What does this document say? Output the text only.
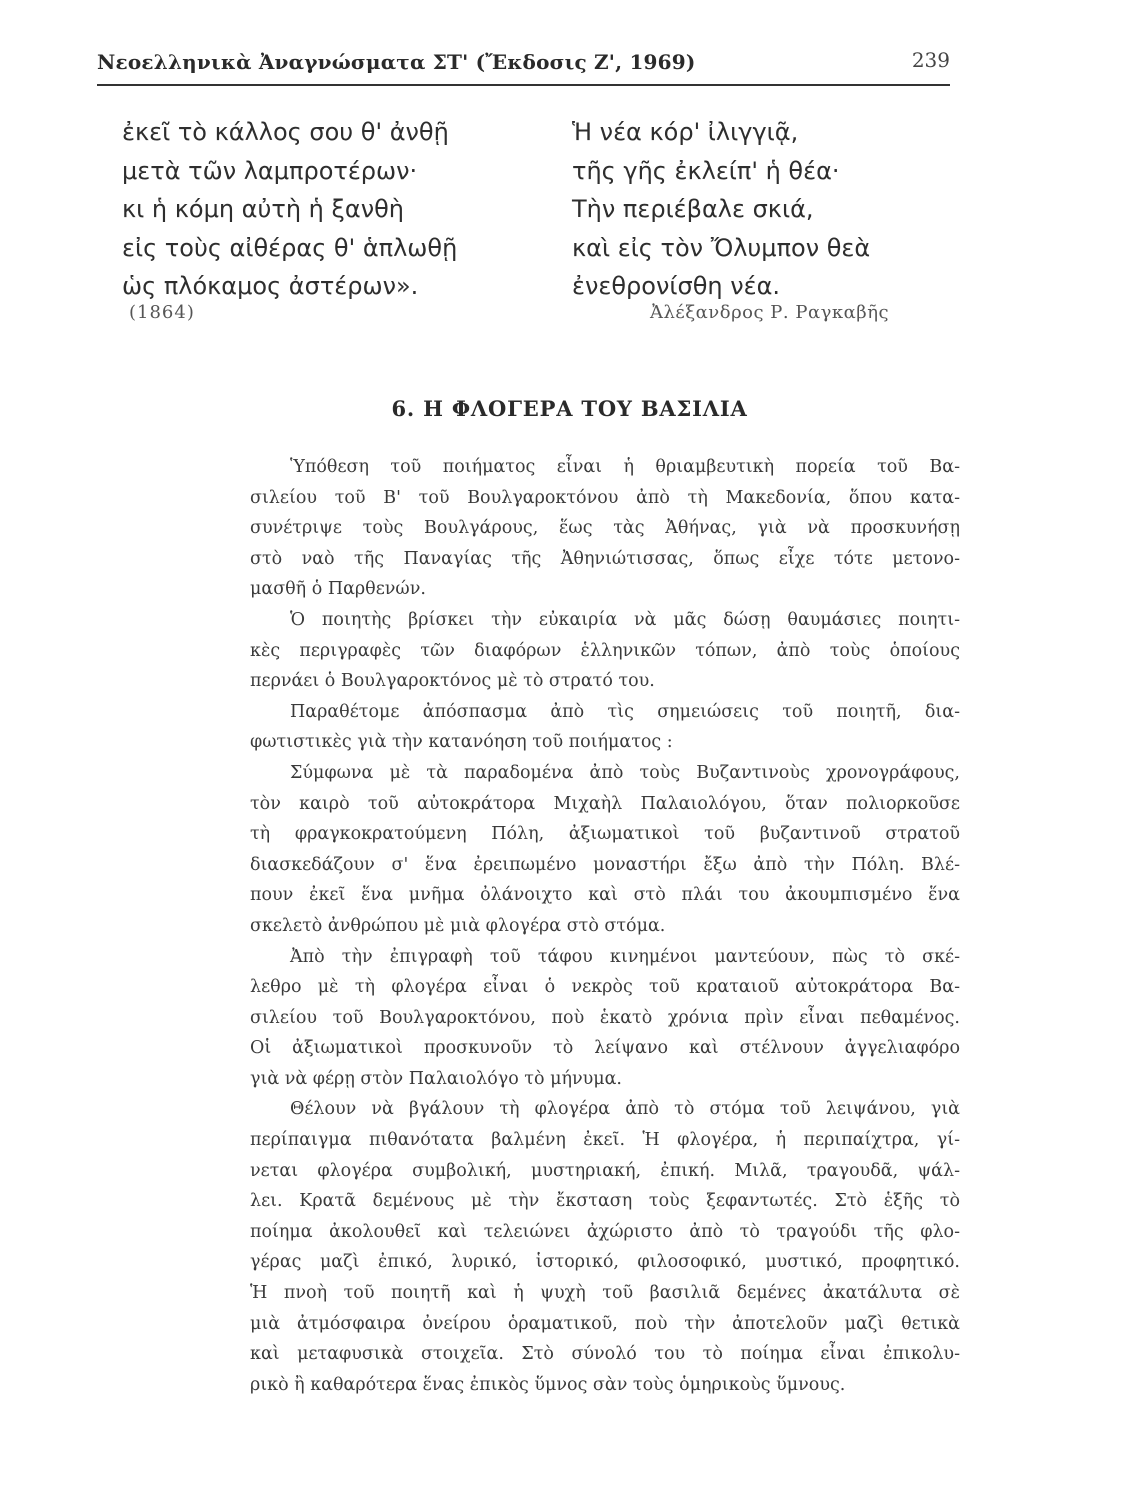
Νεοελληνικὰ Ἀναγνώσματα ΣΤ' (Ἔκδοσις Ζ', 1969)	239
ἐκεῖ τὸ κάλλος σου θ' ἀνθῇ
μετὰ τῶν λαμπροτέρων·
κι ἡ κόμη αὐτὴ ἡ ξανθὴ
εἰς τοὺς αἰθέρας θ' ἁπλωθῇ
ὡς πλόκαμος ἀστέρων».
Ἡ νέα κόρ' ἰλιγγιᾷ,
τῆς γῆς ἐκλείπ' ἡ θέα·
Τὴν περιέβαλε σκιά,
καὶ εἰς τὸν Ὄλυμπον θεὰ
ἐνεθρονίσθη νέα.
(1864)	Ἀλέξανδρος Ρ. Ραγκαβῆς
6. Η ΦΛΟΓΕΡΑ ΤΟΥ ΒΑΣΙΛΙΑ
Ὑπόθεση τοῦ ποιήματος εἶναι ἡ θριαμβευτικὴ πορεία τοῦ Βα-
σιλείου τοῦ Β' τοῦ Βουλγαροκτόνου ἀπὸ τὴ Μακεδονία, ὅπου κατα-
συνέτριψε τοὺς Βουλγάρους, ἕως τὰς Ἀθήνας, γιὰ νὰ προσκυνήσῃ
στὸ ναὸ τῆς Παναγίας τῆς Ἀθηνιώτισσας, ὅπως εἶχε τότε μετονο-
μασθῆ ὁ Παρθενών.
Ὁ ποιητὴς βρίσκει τὴν εὐκαιρία νὰ μᾶς δώσῃ θαυμάσιες ποιητι-
κὲς περιγραφὲς τῶν διαφόρων ἑλληνικῶν τόπων, ἀπὸ τοὺς ὁποίους
περνάει ὁ Βουλγαροκτόνος μὲ τὸ στρατό του.
Παραθέτομε ἀπόσπασμα ἀπὸ τὶς σημειώσεις τοῦ ποιητῆ, δια-
φωτιστικὲς γιὰ τὴν κατανόηση τοῦ ποιήματος :
Σύμφωνα μὲ τὰ παραδομένα ἀπὸ τοὺς Βυζαντινοὺς χρονογράφους,
τὸν καιρὸ τοῦ αὐτοκράτορα Μιχαὴλ Παλαιολόγου, ὅταν πολιορκοῦσε
τὴ φραγκοκρατούμενη Πόλη, ἀξιωματικοὶ τοῦ βυζαντινοῦ στρατοῦ
διασκεδάζουν σ' ἕνα ἐρειπωμένο μοναστήρι ἔξω ἀπὸ τὴν Πόλη. Βλέ-
πουν ἐκεῖ ἕνα μνῆμα ὀλάνοιχτο καὶ στὸ πλάι του ἀκουμπισμένο ἕνα
σκελετὸ ἀνθρώπου μὲ μιὰ φλογέρα στὸ στόμα.
Ἀπὸ τὴν ἐπιγραφὴ τοῦ τάφου κινημένοι μαντεύουν, πὼς τὸ σκέ-
λεθρο μὲ τὴ φλογέρα εἶναι ὁ νεκρὸς τοῦ κραταιοῦ αὐτοκράτορα Βα-
σιλείου τοῦ Βουλγαροκτόνου, ποὺ ἑκατὸ χρόνια πρὶν εἶναι πεθαμένος.
Οἱ ἀξιωματικοὶ προσκυνοῦν τὸ λείψανο καὶ στέλνουν ἀγγελιαφόρο
γιὰ νὰ φέρῃ στὸν Παλαιολόγο τὸ μήνυμα.
Θέλουν νὰ βγάλουν τὴ φλογέρα ἀπὸ τὸ στόμα τοῦ λειψάνου, γιὰ
περίπαιγμα πιθανότατα βαλμένη ἐκεῖ. Ἡ φλογέρα, ἡ περιπαίχτρα, γί-
νεται φλογέρα συμβολική, μυστηριακή, ἐπική. Μιλᾶ, τραγουδᾶ, ψάλ-
λει. Κρατᾶ δεμένους μὲ τὴν ἔκσταση τοὺς ξεφαντωτές. Στὸ ἑξῆς τὸ
ποίημα ἀκολουθεῖ καὶ τελειώνει ἀχώριστο ἀπὸ τὸ τραγούδι τῆς φλο-
γέρας μαζὶ ἐπικό, λυρικό, ἱστορικό, φιλοσοφικό, μυστικό, προφητικό.
Ἡ πνοὴ τοῦ ποιητῆ καὶ ἡ ψυχὴ τοῦ βασιλιᾶ δεμένες ἀκατάλυτα σὲ
μιὰ ἀτμόσφαιρα ὀνείρου ὁραματικοῦ, ποὺ τὴν ἀποτελοῦν μαζὶ θετικὰ
καὶ μεταφυσικὰ στοιχεῖα. Στὸ σύνολό του τὸ ποίημα εἶναι ἐπικολυ-
ρικὸ ἢ καθαρότερα ἕνας ἐπικὸς ὕμνος σὰν τοὺς ὁμηρικοὺς ὕμνους.
